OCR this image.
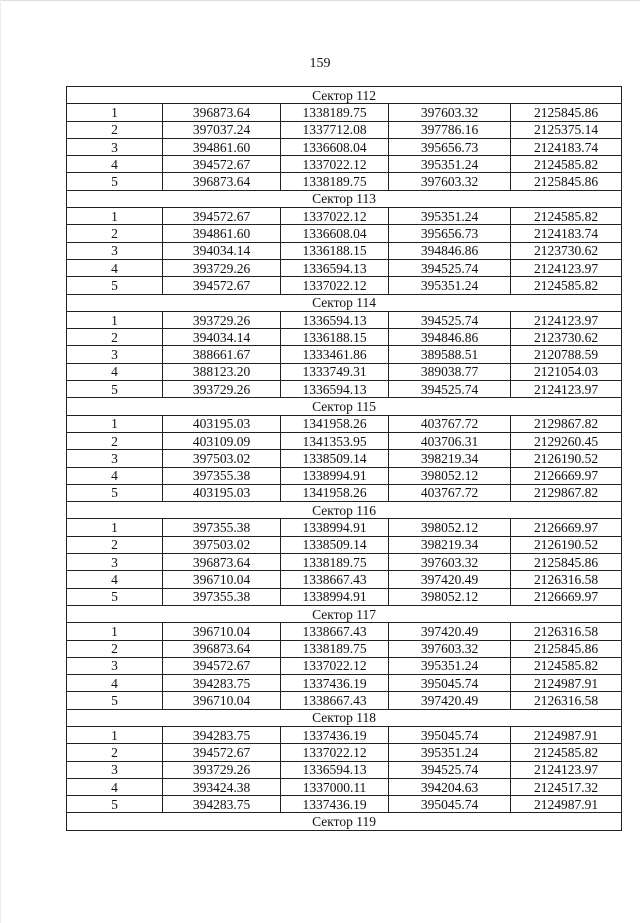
159
Сектор 112				
1	396873.64	1338189.75	397603.32	2125845.86
2	397037.24	1337712.08	397786.16	2125375.14
3	394861.60	1336608.04	395656.73	2124183.74
4	394572.67	1337022.12	395351.24	2124585.82
5	396873.64	1338189.75	397603.32	2125845.86
Сектор 113				
1	394572.67	1337022.12	395351.24	2124585.82
2	394861.60	1336608.04	395656.73	2124183.74
3	394034.14	1336188.15	394846.86	2123730.62
4	393729.26	1336594.13	394525.74	2124123.97
5	394572.67	1337022.12	395351.24	2124585.82
Сектор 114				
1	393729.26	1336594.13	394525.74	2124123.97
2	394034.14	1336188.15	394846.86	2123730.62
3	388661.67	1333461.86	389588.51	2120788.59
4	388123.20	1333749.31	389038.77	2121054.03
5	393729.26	1336594.13	394525.74	2124123.97
Сектор 115				
1	403195.03	1341958.26	403767.72	2129867.82
2	403109.09	1341353.95	403706.31	2129260.45
3	397503.02	1338509.14	398219.34	2126190.52
4	397355.38	1338994.91	398052.12	2126669.97
5	403195.03	1341958.26	403767.72	2129867.82
Сектор 116				
1	397355.38	1338994.91	398052.12	2126669.97
2	397503.02	1338509.14	398219.34	2126190.52
3	396873.64	1338189.75	397603.32	2125845.86
4	396710.04	1338667.43	397420.49	2126316.58
5	397355.38	1338994.91	398052.12	2126669.97
Сектор 117				
1	396710.04	1338667.43	397420.49	2126316.58
2	396873.64	1338189.75	397603.32	2125845.86
3	394572.67	1337022.12	395351.24	2124585.82
4	394283.75	1337436.19	395045.74	2124987.91
5	396710.04	1338667.43	397420.49	2126316.58
Сектор 118				
1	394283.75	1337436.19	395045.74	2124987.91
2	394572.67	1337022.12	395351.24	2124585.82
3	393729.26	1336594.13	394525.74	2124123.97
4	393424.38	1337000.11	394204.63	2124517.32
5	394283.75	1337436.19	395045.74	2124987.91
Сектор 119				
